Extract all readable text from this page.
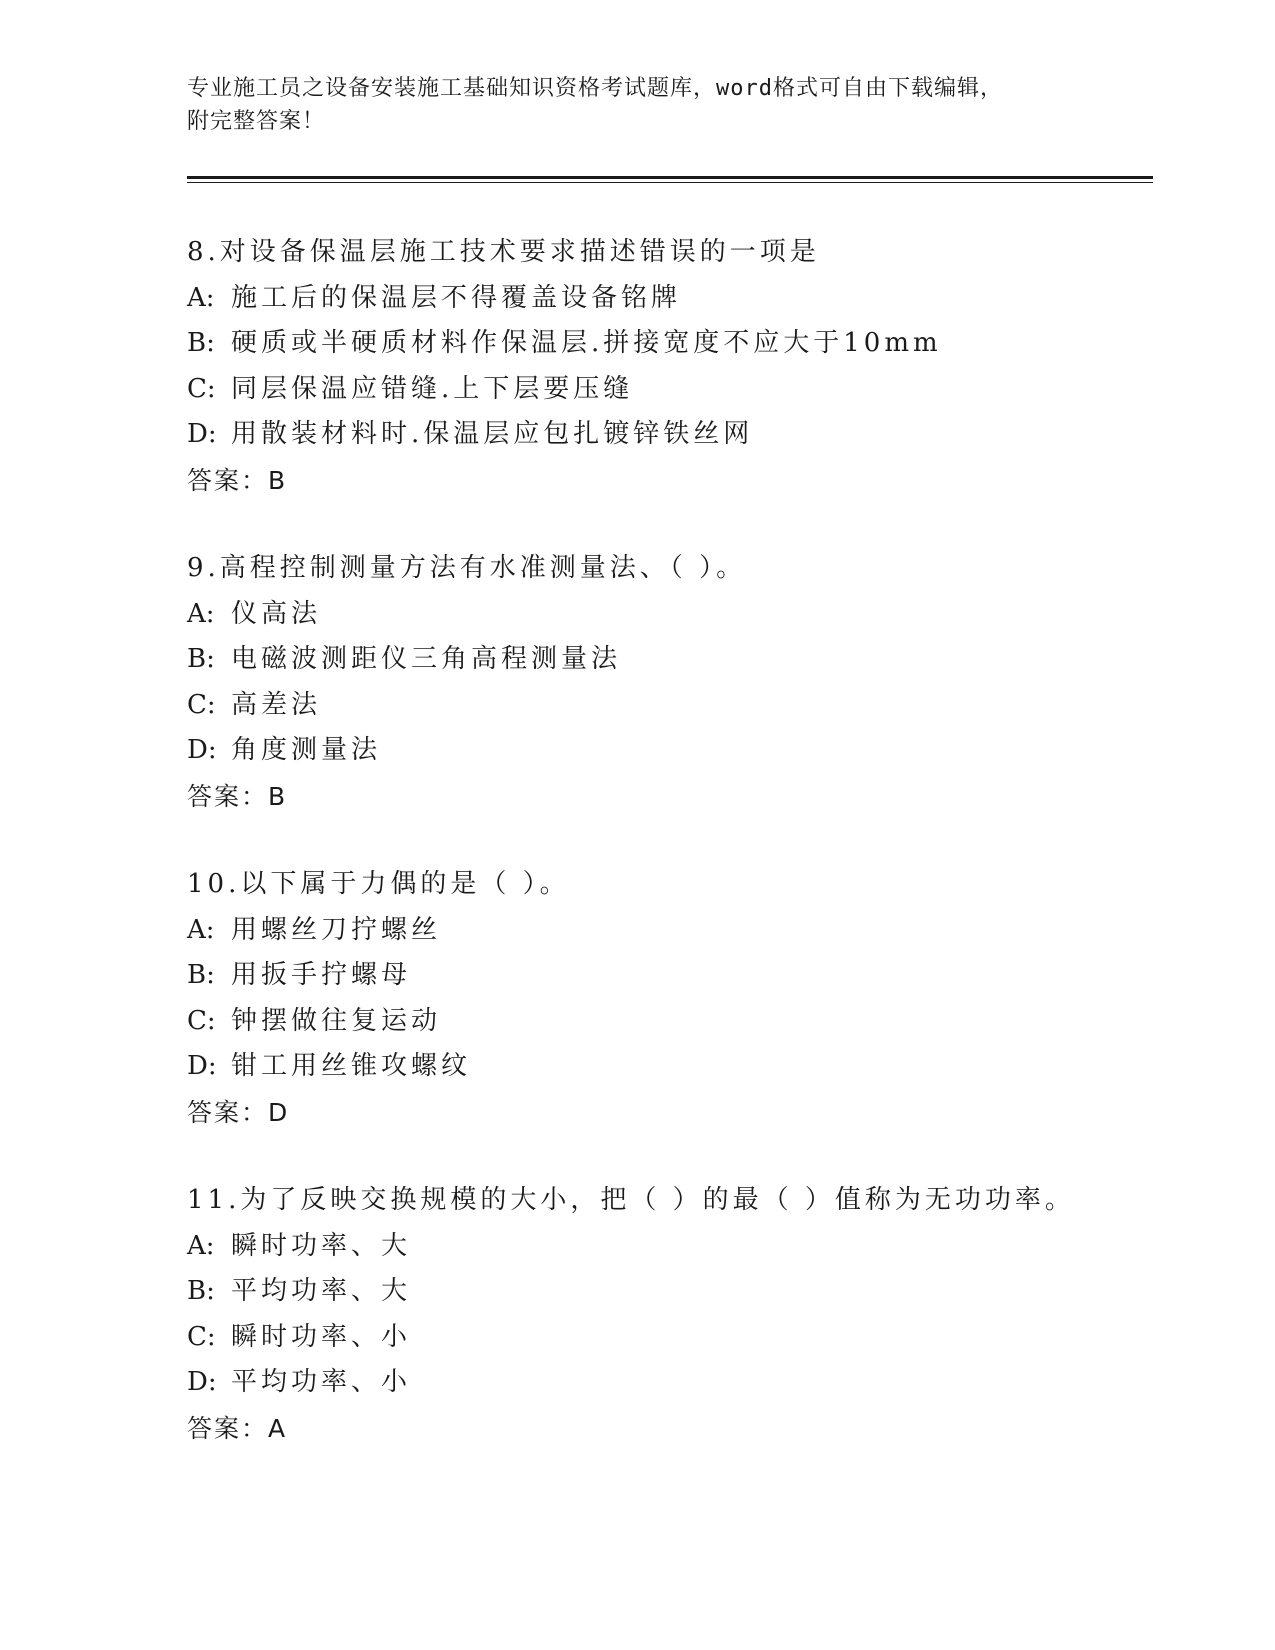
专业施工员之设备安装施工基础知识资格考试题库，word格式可自由下载编辑，
附完整答案！
8.对设备保温层施工技术要求描述错误的一项是
A: 施工后的保温层不得覆盖设备铭牌
B: 硬质或半硬质材料作保温层.拼接宽度不应大于10mm
C: 同层保温应错缝.上下层要压缝
D: 用散装材料时.保温层应包扎镀锌铁丝网
答案：B
9.高程控制测量方法有水准测量法、（ ）。
A: 仪高法
B: 电磁波测距仪三角高程测量法
C: 高差法
D: 角度测量法
答案：B
10.以下属于力偶的是（ ）。
A: 用螺丝刀拧螺丝
B: 用扳手拧螺母
C: 钟摆做往复运动
D: 钳工用丝锥攻螺纹
答案：D
11.为了反映交换规模的大小，把（ ）的最（ ）值称为无功功率。
A: 瞬时功率、大
B: 平均功率、大
C: 瞬时功率、小
D: 平均功率、小
答案：A
